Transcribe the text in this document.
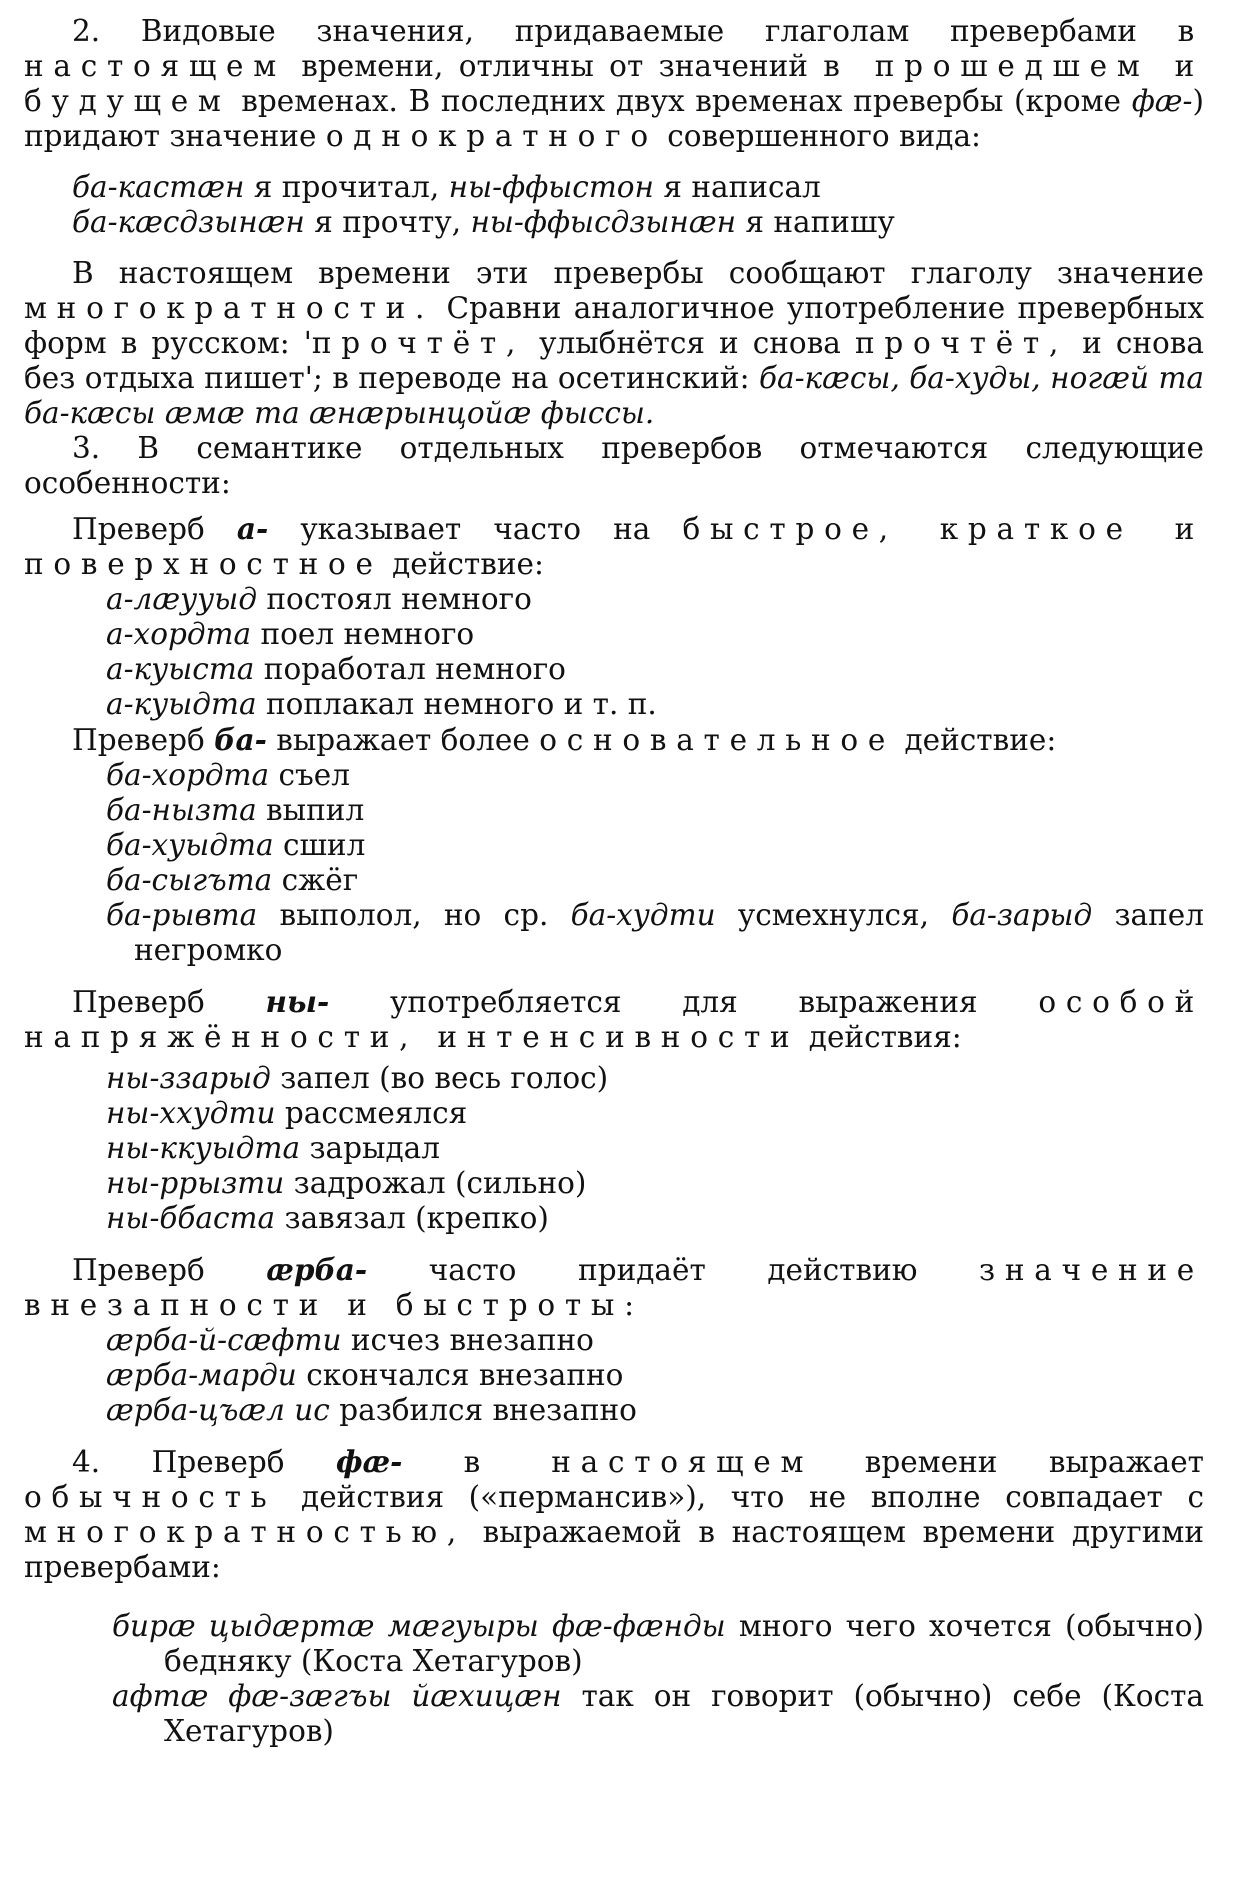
2. Видовые значения, придаваемые глаголам превербами в настоящем времени, отличны от значений в прошедшем и будущем временах. В последних двух временах превербы (кроме фæ-) придают значение однократного совершенного вида:

ба-кастæн я прочитал, ны-ффыстон я написал

ба-кæсдзынæн я прочту, ны-ффысдзынæн я напишу

В настоящем времени эти превербы сообщают глаголу значение многократности. Сравни аналогичное употребление превербных форм в русском: 'прочтёт, улыбнётся и снова прочтёт, и снова без отдыха пишет'; в переводе на осетинский: ба-кæсы, ба-худы, ногæй та ба-кæсы æмæ та æнæрынцойæ фыссы.

3. В семантике отдельных превербов отмечаются следующие особенности:

Преверб а- указывает часто на быстрое, краткое и поверхностное действие:

а-лæууыд постоял немного

а-хордта поел немного

а-куыста поработал немного

а-куыдта поплакал немного и т. п.

Преверб ба- выражает более основательное действие:

ба-хордта съел

ба-нызта выпил

ба-хуыдта сшил

ба-сыгъта сжёг

ба-рывта выполол, но ср. ба-худти усмехнулся, ба-зарыд запел негромко

Преверб ны- употребляется для выражения особой напряжённости, интенсивности действия:

ны-ззарыд запел (во весь голос)

ны-ххудти рассмеялся

ны-ккуыдта зарыдал

ны-ррызти задрожал (сильно)

ны-ббаста завязал (крепко)

Преверб æрба- часто придаёт действию значение внезапности и быстроты:

æрба-й-сæфти исчез внезапно

æрба-марди скончался внезапно

æрба-цъæл ис разбился внезапно

4. Преверб фæ- в настоящем времени выражает обычность действия («пермансив»), что не вполне совпадает с многократностью, выражаемой в настоящем времени другими превербами:

бирæ цыдæртæ мæгуыры фæ-фæнды много чего хочется (обычно) бедняку (Коста Хетагуров)

афтæ фæ-зæгъы йæхицæн так он говорит (обычно) себе (Коста Хетагуров)
